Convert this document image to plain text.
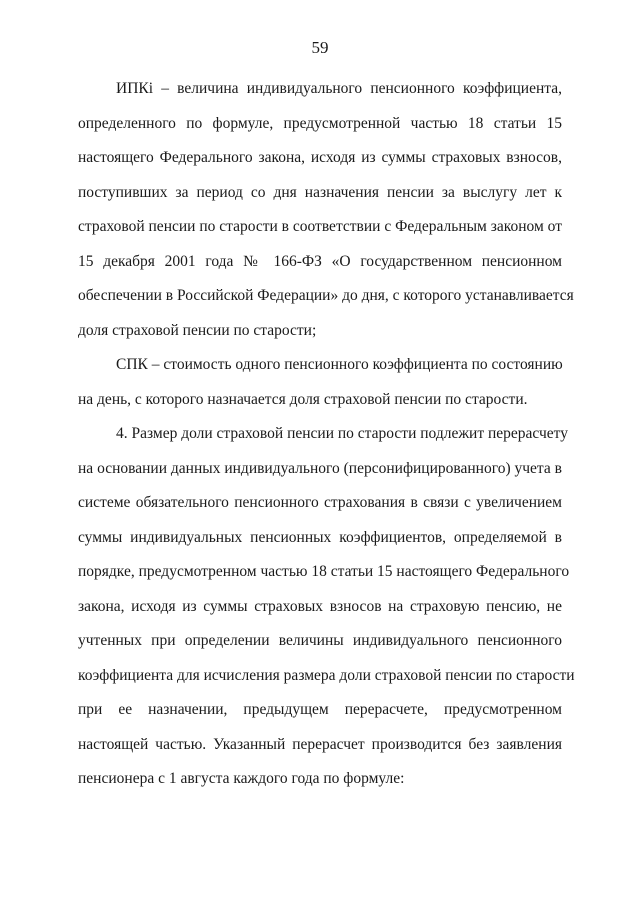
59
ИПКi – величина индивидуального пенсионного коэффициента,
определенного по формуле, предусмотренной частью 18 статьи 15
настоящего Федерального закона, исходя из суммы страховых взносов,
поступивших за период со дня назначения пенсии за выслугу лет к
страховой пенсии по старости в соответствии с Федеральным законом от
15 декабря 2001 года № 166-ФЗ «О государственном пенсионном
обеспечении в Российской Федерации» до дня, с которого устанавливается
доля страховой пенсии по старости;
СПК – стоимость одного пенсионного коэффициента по состоянию
на день, с которого назначается доля страховой пенсии по старости.
4. Размер доли страховой пенсии по старости подлежит перерасчету
на основании данных индивидуального (персонифицированного) учета в
системе обязательного пенсионного страхования в связи с увеличением
суммы индивидуальных пенсионных коэффициентов, определяемой в
порядке, предусмотренном частью 18 статьи 15 настоящего Федерального
закона, исходя из суммы страховых взносов на страховую пенсию, не
учтенных при определении величины индивидуального пенсионного
коэффициента для исчисления размера доли страховой пенсии по старости
при ее назначении, предыдущем перерасчете, предусмотренном
настоящей частью. Указанный перерасчет производится без заявления
пенсионера с 1 августа каждого года по формуле:
